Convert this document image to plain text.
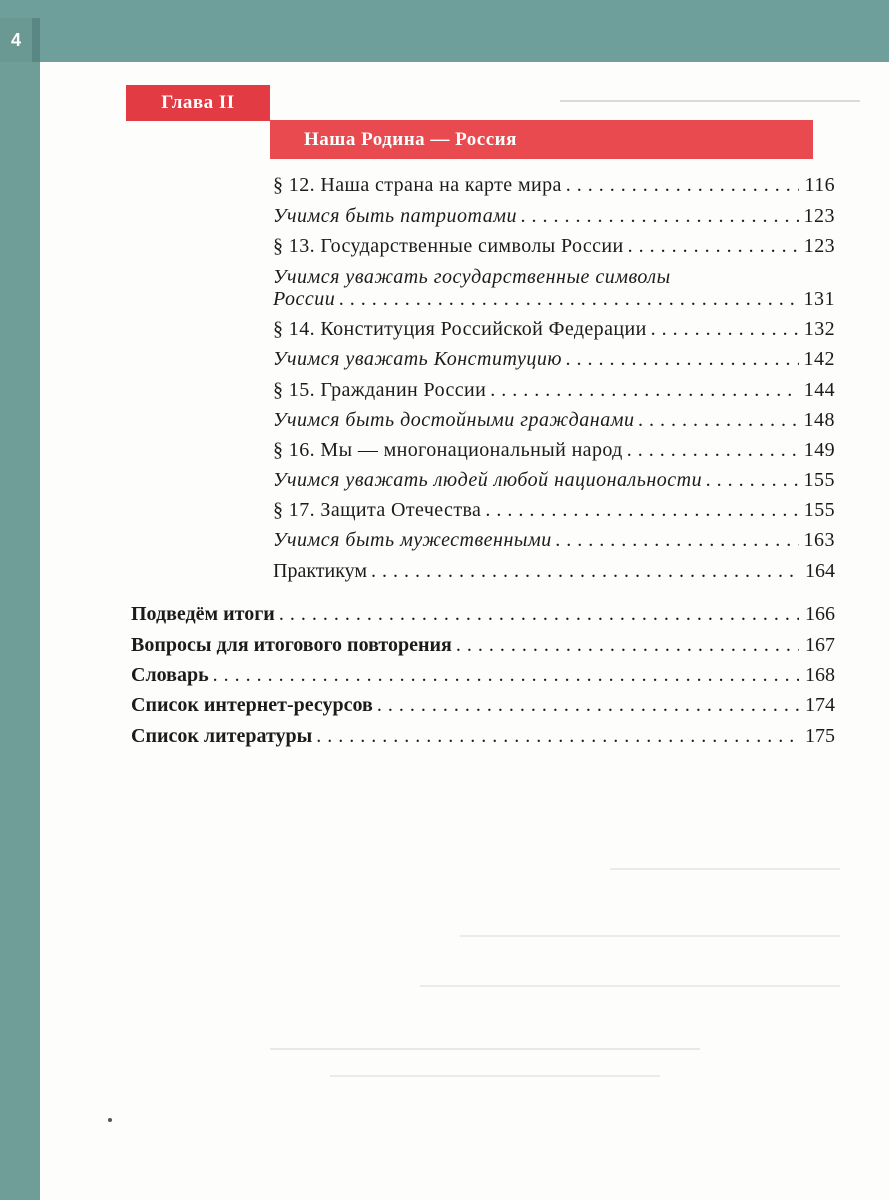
4
Глава II
Наша Родина — Россия
§ 12. Наша страна на карте мира . . .	116
Учимся быть патриотами . . .	123
§ 13. Государственные символы России . . .	123
Учимся уважать государственные символы
России . . .	131
§ 14. Конституция Российской Федерации . . .	132
Учимся уважать Конституцию . . .	142
§ 15. Гражданин России . . .	144
Учимся быть достойными гражданами . . .	148
§ 16. Мы — многонациональный народ . . .	149
Учимся уважать людей любой национальности . . .	155
§ 17. Защита Отечества . . .	155
Учимся быть мужественными . . .	163
Практикум . . .	164
Подведём итоги . . .	166
Вопросы для итогового повторения . . .	167
Словарь . . .	168
Список интернет-ресурсов . . .	174
Список литературы . . .	175
